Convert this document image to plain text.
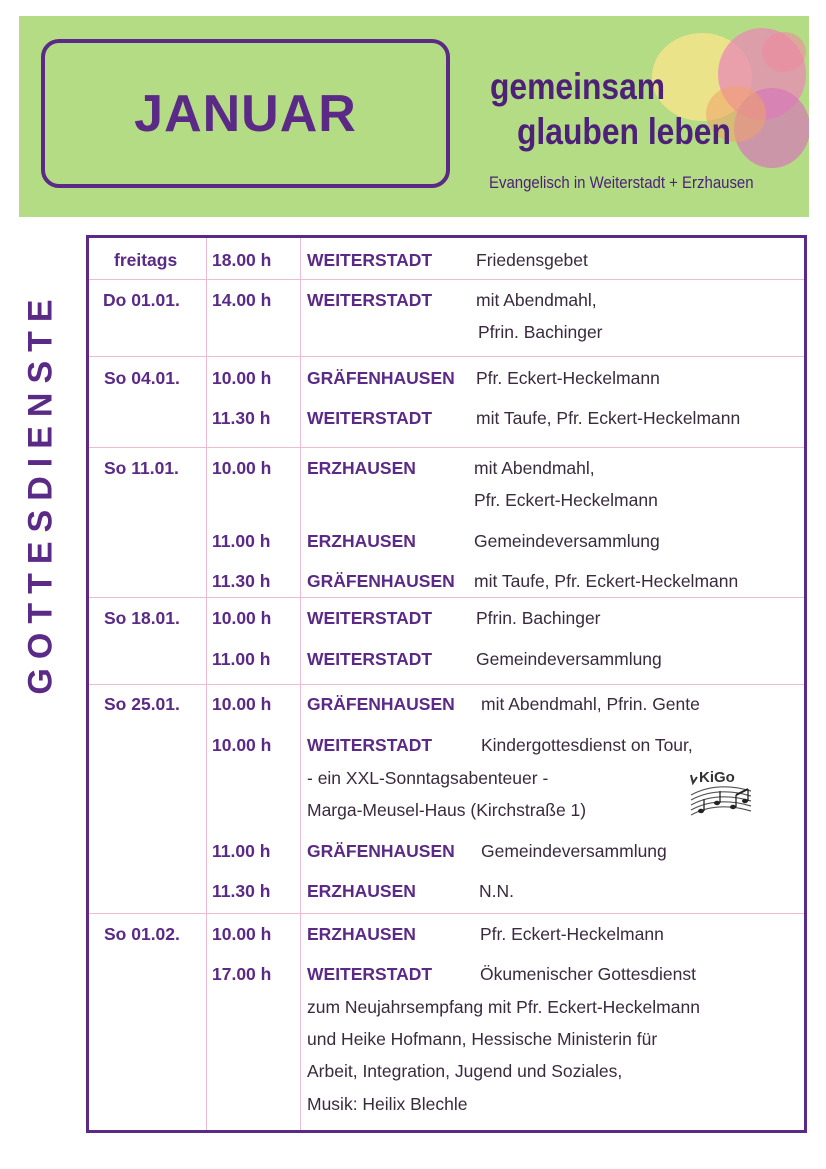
JANUAR	gemeinsam
glauben leben
Evangelisch in Weiterstadt + Erzhausen
GOTTESDIENSTE
freitags 18.00 h WEITERSTADT	Friedensgebet
Do 01.01. 14.00 h WEITERSTADT	mit Abendmahl,
Pfrin. Bachinger
So 04.01. 10.00 h GRÄFENHAUSEN Pfr. Eckert-Heckelmann
11.30 h WEITERSTADT	mit Taufe, Pfr. Eckert-Heckelmann
So 11.01. 10.00 h ERZHAUSEN	mit Abendmahl,
Pfr. Eckert-Heckelmann
11.00 h ERZHAUSEN	Gemeindeversammlung
11.30 h GRÄFENHAUSEN mit Taufe, Pfr. Eckert-Heckelmann
So 18.01. 10.00 h WEITERSTADT	Pfrin. Bachinger
11.00 h WEITERSTADT	Gemeindeversammlung
So 25.01. 10.00 h GRÄFENHAUSEN mit Abendmahl, Pfrin. Gente
10.00 h WEITERSTADT	Kindergottesdienst on Tour,
- ein XXL-Sonntagsabenteuer -
Marga-Meusel-Haus (Kirchstraße 1)
KiGo
11.00 h GRÄFENHAUSEN Gemeindeversammlung
11.30 h ERZHAUSEN	N.N.
So 01.02. 10.00 h ERZHAUSEN	Pfr. Eckert-Heckelmann
17.00 h WEITERSTADT	Ökumenischer Gottesdienst
zum Neujahrsempfang mit Pfr. Eckert-Heckelmann
und Heike Hofmann, Hessische Ministerin für
Arbeit, Integration, Jugend und Soziales,
Musik: Heilix Blechle
